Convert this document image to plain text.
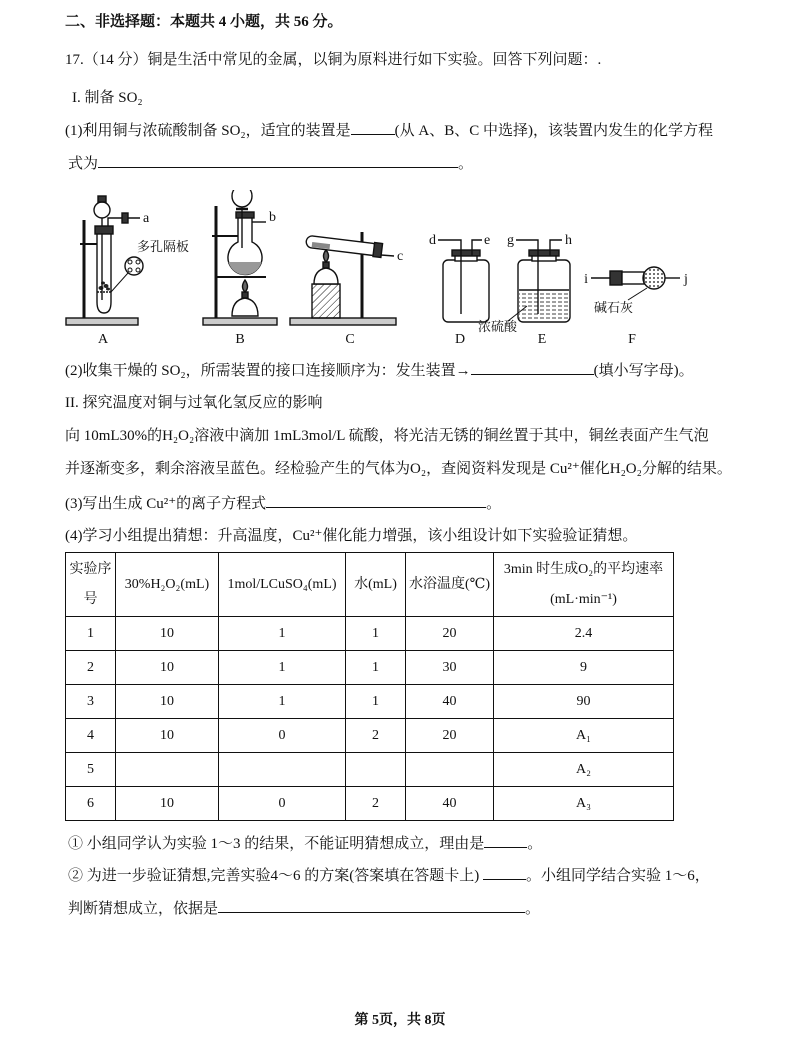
二、非选择题：本题共 4 小题，共 56 分。
17.（14 分）铜是生活中常见的金属，以铜为原料进行如下实验。回答下列问题：.
I. 制备 SO₂
(1)利用铜与浓硫酸制备 SO₂，适宜的装置是	(从 A、B、C 中选择)，该装置内发生的化学方程
式为	。
a
多孔隔板
A
b
B
c
C
d	e
D
g	h
浓硫酸
E
i	j
碱石灰
F
(2)收集干燥的 SO₂，所需装置的接口连接顺序为：发生装置→	(填小写字母)。
II. 探究温度对铜与过氧化氢反应的影响
向 10mL30%的H₂O₂溶液中滴加 1mL3mol/L 硫酸，将光洁无锈的铜丝置于其中，铜丝表面产生气泡
并逐渐变多，剩余溶液呈蓝色。经检验产生的气体为O₂，查阅资料发现是 Cu²⁺催化H₂O₂分解的结果。
(3)写出生成 Cu²⁺的离子方程式	。
(4)学习小组提出猜想：升高温度，Cu²⁺催化能力增强，该小组设计如下实验验证猜想。
实验序号	30%H₂O₂(mL)	1mol/LCuSO₄(mL)	水(mL)	水浴温度(℃)	3min 时生成O₂的平均速率
(mL·min⁻¹)
1	10	1	1	20	2.4
2	10	1	1	30	9
3	10	1	1	40	90
4	10	0	2	20	A₁
5					A₂
6	10	0	2	40	A₃
① 小组同学认为实验 1～3 的结果，不能证明猜想成立，理由是	。
② 为进一步验证猜想,完善实验4～6 的方案(答案填在答题卡上)	。小组同学结合实验 1～6，
判断猜想成立，依据是	。
第 5页，共 8页
